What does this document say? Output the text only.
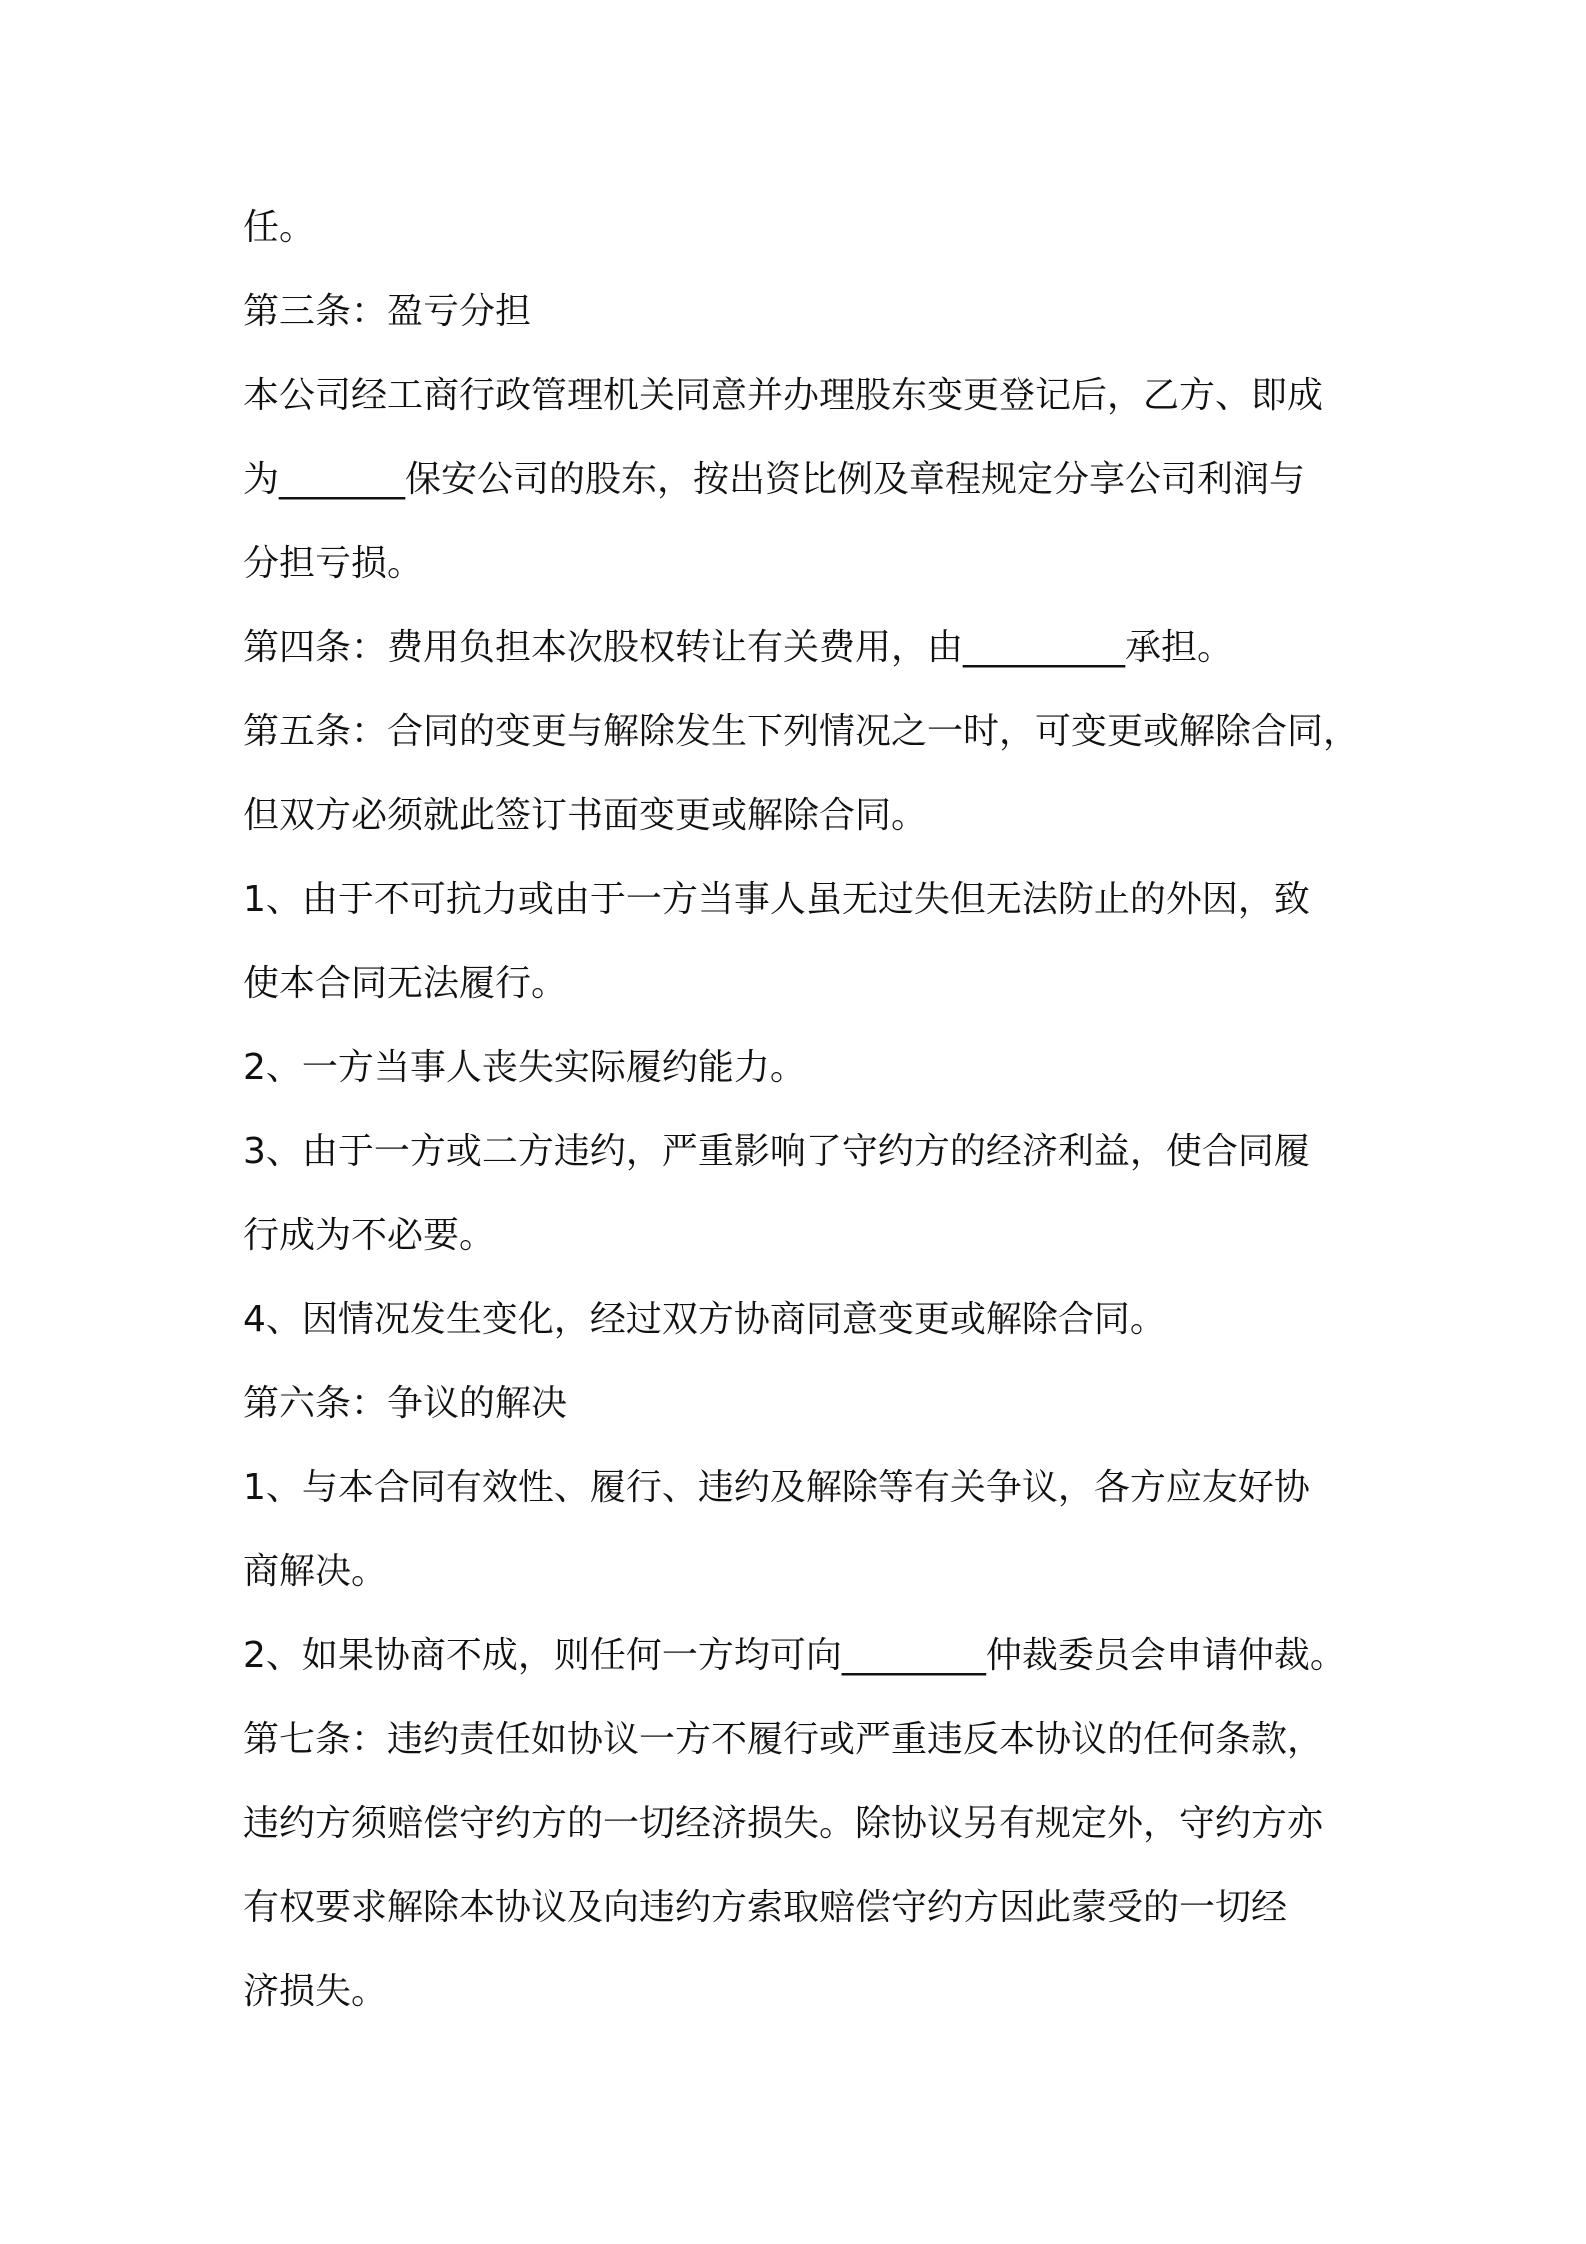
任。

第三条：盈亏分担

本公司经工商行政管理机关同意并办理股东变更登记后，乙方、即成

为_______保安公司的股东，按出资比例及章程规定分享公司利润与

分担亏损。

第四条：费用负担本次股权转让有关费用，由_________承担。

第五条：合同的变更与解除发生下列情况之一时，可变更或解除合同，

但双方必须就此签订书面变更或解除合同。

1、由于不可抗力或由于一方当事人虽无过失但无法防止的外因，致

使本合同无法履行。

2、一方当事人丧失实际履约能力。

3、由于一方或二方违约，严重影响了守约方的经济利益，使合同履

行成为不必要。

4、因情况发生变化，经过双方协商同意变更或解除合同。

第六条：争议的解决

1、与本合同有效性、履行、违约及解除等有关争议，各方应友好协

商解决。

2、如果协商不成，则任何一方均可向________仲裁委员会申请仲裁。

第七条：违约责任如协议一方不履行或严重违反本协议的任何条款，

违约方须赔偿守约方的一切经济损失。除协议另有规定外，守约方亦

有权要求解除本协议及向违约方索取赔偿守约方因此蒙受的一切经

济损失。
